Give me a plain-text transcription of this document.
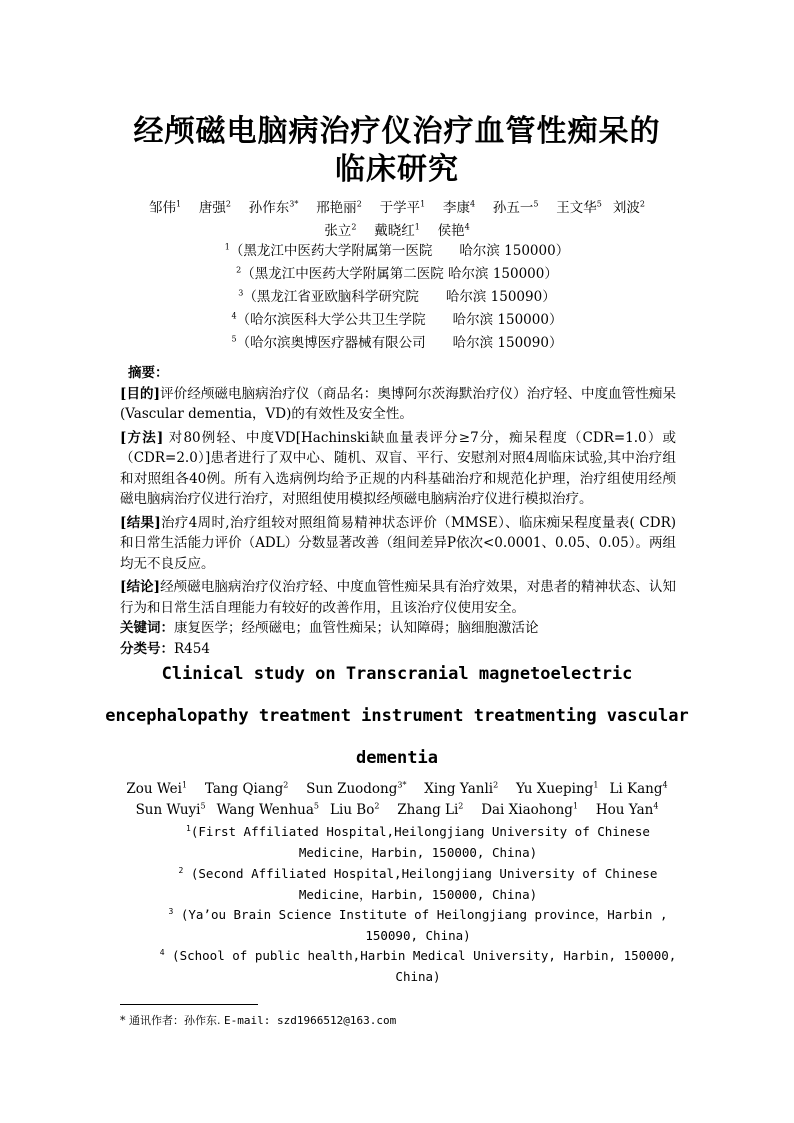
经颅磁电脑病治疗仪治疗血管性痴呆的
临床研究
邹伟$^1$  唐强$^2$  孙作东$^{3*}$  邢艳丽$^2$  于学平$^1$  李康$^4$  孙五一$^5$  王文华$^5$  刘波$^2$
张立$^2$  戴晓红$^1$  侯艳$^4$
$^1$（黑龙江中医药大学附属第一医院　　哈尔滨 150000）
$^2$（黑龙江中医药大学附属第二医院 哈尔滨 150000）
$^3$（黑龙江省亚欧脑科学研究院　　哈尔滨 150090）
$^4$（哈尔滨医科大学公共卫生学院　　哈尔滨 150000）
$^5$（哈尔滨奥博医疗器械有限公司　　哈尔滨 150090）
摘要：
[目的]评价经颅磁电脑病治疗仪（商品名：奥博阿尔茨海默治疗仪）治疗轻、中度血管性痴呆(Vascular dementia，VD)的有效性及安全性。
[方法] 对80例轻、中度VD[Hachinski缺血量表评分≥7分，痴呆程度（CDR=1.0）或（CDR=2.0）]患者进行了双中心、随机、双盲、平行、安慰剂对照4周临床试验,其中治疗组和对照组各40例。所有入选病例均给予正规的内科基础治疗和规范化护理，治疗组使用经颅磁电脑病治疗仪进行治疗，对照组使用模拟经颅磁电脑病治疗仪进行模拟治疗。
[结果]治疗4周时,治疗组较对照组简易精神状态评价（MMSE）、临床痴呆程度量表( CDR)和日常生活能力评价（ADL）分数显著改善（组间差异P依次<0.0001、0.05、0.05）。两组均无不良反应。
[结论]经颅磁电脑病治疗仪治疗轻、中度血管性痴呆具有治疗效果，对患者的精神状态、认知行为和日常生活自理能力有较好的改善作用，且该治疗仪使用安全。
关键词：康复医学；经颅磁电；血管性痴呆；认知障碍；脑细胞激活论
分类号：R454
Clinical study on Transcranial magnetoelectric
encephalopathy treatment instrument treatmenting vascular
dementia
Zou Wei$^1$   Tang Qiang$^2$   Sun Zuodong$^{3*}$   Xing Yanli$^2$   Yu Xueping$^1$  Li Kang$^4$
Sun Wuyi$^5$  Wang Wenhua$^5$  Liu Bo$^2$   Zhang Li$^2$   Dai Xiaohong$^1$   Hou Yan$^4$
$^1$(First Affiliated Hospital,Heilongjiang University of Chinese
Medicine，Harbin, 150000, China)
$^2$ (Second Affiliated Hospital,Heilongjiang University of Chinese
Medicine，Harbin, 150000, China)
$^3$ (Ya’ou Brain Science Institute of Heilongjiang province，Harbin ,
150090, China)
$^4$ (School of public health,Harbin Medical University, Harbin, 150000,
China)
* 通讯作者：孙作东. E-mail: szd1966512@163.com
